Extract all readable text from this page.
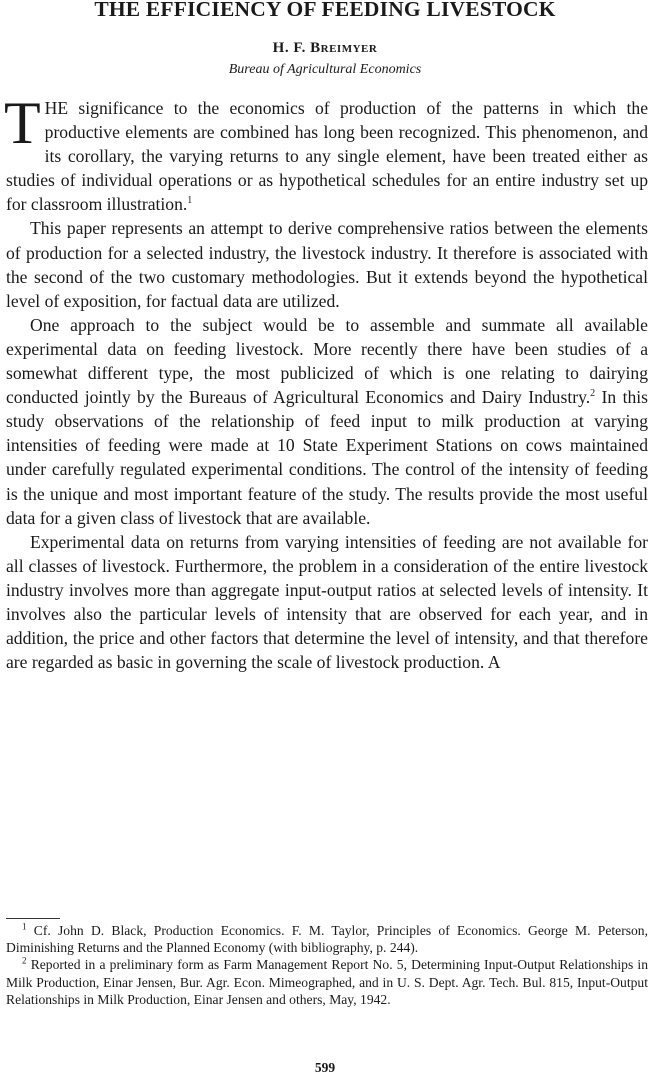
THE EFFICIENCY OF FEEDING LIVESTOCK
H. F. Breimyer
Bureau of Agricultural Economics

THE significance to the economics of production of the patterns in which the productive elements are combined has long been recognized. This phenomenon, and its corollary, the varying returns to any single element, have been treated either as studies of individual operations or as hypothetical schedules for an entire industry set up for classroom illustration.$^1$

This paper represents an attempt to derive comprehensive ratios between the elements of production for a selected industry, the livestock industry. It therefore is associated with the second of the two customary methodologies. But it extends beyond the hypothetical level of exposition, for factual data are utilized.

One approach to the subject would be to assemble and summate all available experimental data on feeding livestock. More recently there have been studies of a somewhat different type, the most publicized of which is one relating to dairying conducted jointly by the Bureaus of Agricultural Economics and Dairy Industry.$^2$ In this study observations of the relationship of feed input to milk production at varying intensities of feeding were made at 10 State Experiment Stations on cows maintained under carefully regulated experimental conditions. The control of the intensity of feeding is the unique and most important feature of the study. The results provide the most useful data for a given class of livestock that are available.

Experimental data on returns from varying intensities of feeding are not available for all classes of livestock. Furthermore, the problem in a consideration of the entire livestock industry involves more than aggregate input-output ratios at selected levels of intensity. It involves also the particular levels of intensity that are observed for each year, and in addition, the price and other factors that determine the level of intensity, and that therefore are regarded as basic in governing the scale of livestock production. A

$^1$ Cf. John D. Black, Production Economics. F. M. Taylor, Principles of Economics. George M. Peterson, Diminishing Returns and the Planned Economy (with bibliography, p. 244).

$^2$ Reported in a preliminary form as Farm Management Report No. 5, Determining Input-Output Relationships in Milk Production, Einar Jensen, Bur. Agr. Econ. Mimeographed, and in U. S. Dept. Agr. Tech. Bul. 815, Input-Output Relationships in Milk Production, Einar Jensen and others, May, 1942.

599
